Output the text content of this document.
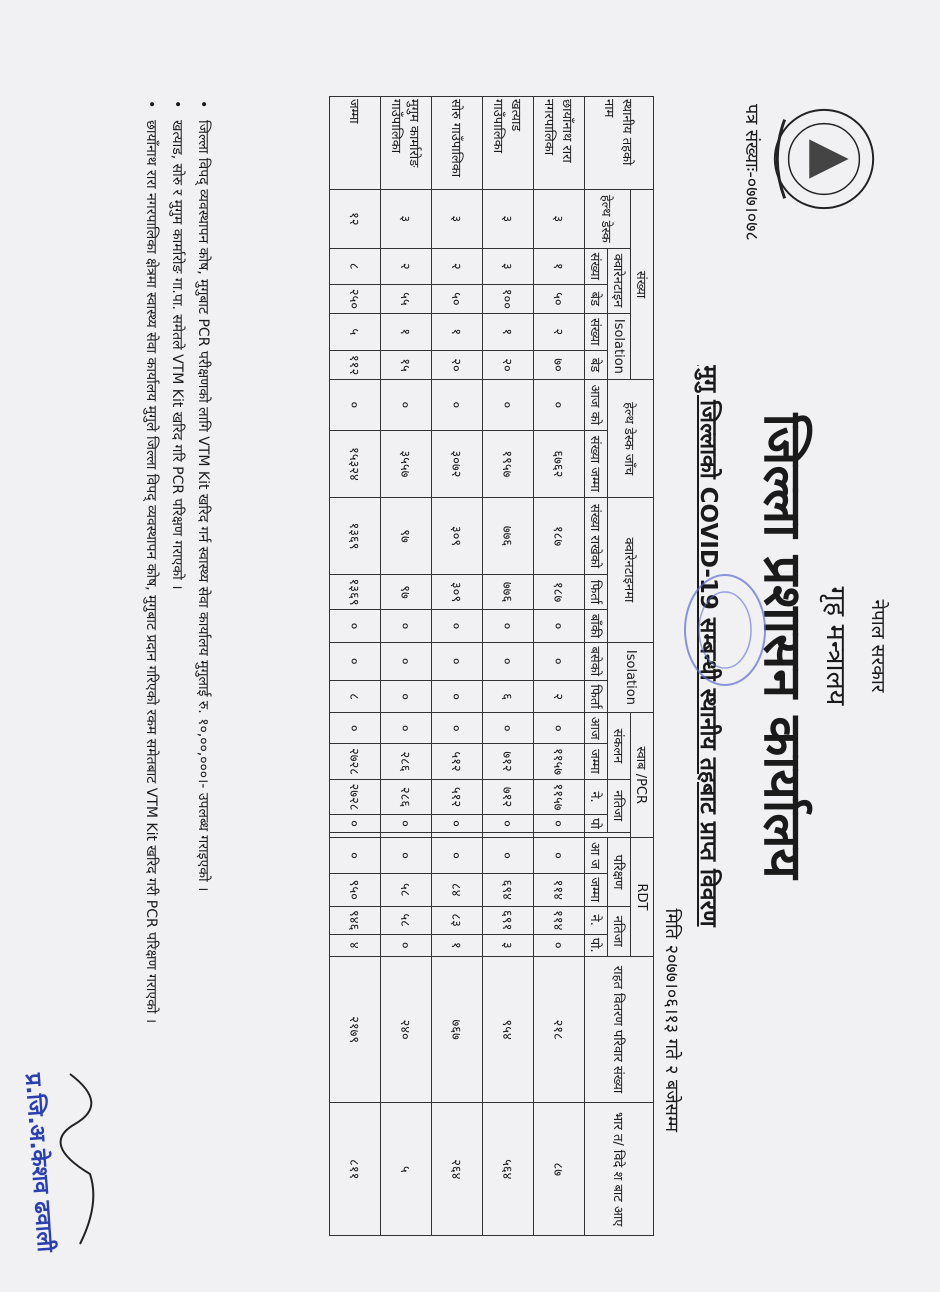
नेपाल सरकार
गृह मन्त्रालय
जिल्ला प्रशासन कार्यालय
पत्र संख्याः-०७७।०७८
मुगु जिल्लाको COVID-19 सम्बन्धी स्थानीय तहबाट प्राप्त विवरण
मिति २०७७।०६।१३ गते २ बजेसम्म
स्थानीय तहको नाम	संख्या					हेल्थ डेस्क जाँच		क्वारेनटाइनमा			Isolation		स्वाब /PCR					RDT				राहत वितरण परिवार संख्या	भार त/ विदे श बाट आए
	हेल्थ डेस्क	क्वारेनटाइन		Isolation									संकलन		नतिजा			परिक्षण		नतिजा			
		संख्या	बेड	संख्या	बेड	आज को	संख्या जम्मा	संख्या राखेको	फिर्ता	बाँकी	बसेको	फिर्ता	आज	जम्मा	ने.	पो		आ ज	जम्मा	ने.	पो.		
छायाँनाथ रारा नगरपालिका	३	१	५०	२	७०	०	६७६२	१८७	१८७	०	०	२	०	११५७	११५७	०		०	११४	११४	०	२१८	८७
खत्याड गाउँपालिका	३	३	१००	१	२०	०	१९५७	७७६	७७६	०	०	६	०	७१२	७१२	०		०	६९४	६९१	३	९५४	५६४
सोरु गाउँपालिका	३	२	५०	१	२०	०	३०७२	३०९	३०९	०	०	०	०	५१२	५१२	०		०	८४	८३	१	७६७	२६४
मुगुम कार्मारोङ गाउँपालिका	३	२	५५	१	१५	०	३५५७	९७	९७	०	०	०	०	२८६	२८६	०		०	५८	५८	०	२४०	५
जम्मा	१२	८	२५०	५	११२	०	१५३२४	१३६९	१३६९	०	०	८	०	२७२८	२७२८	०		०	९५०	९४६	४	२१७९	८११
•
जिल्ला विपद् व्यवस्थापन कोष, मुगुबाट PCR परीक्षणको लागि VTM Kit खरिद गर्न स्वास्थ्य सेवा कार्यालय मुगुलाई रु. १०,००,०००।- उपलब्ध गराइएको ।
•
खत्याड, सोरु र मुगुम कार्मारोङ गा.पा. समेतले VTM Kit खरिद गरि PCR परिक्षण गराएको ।
•
छायाँनाथ रारा नगरपालिका क्षेत्रमा स्वास्थ्य सेवा कार्यालय मुगुले जिल्ला विपद् व्यवस्थापन कोष, मुगुबाट प्रदान गरिएको रकम समेतबाट VTM Kit खरिद गरी PCR परिक्षण गराएको ।
प्र.जि.अ.केशव ढवाली
